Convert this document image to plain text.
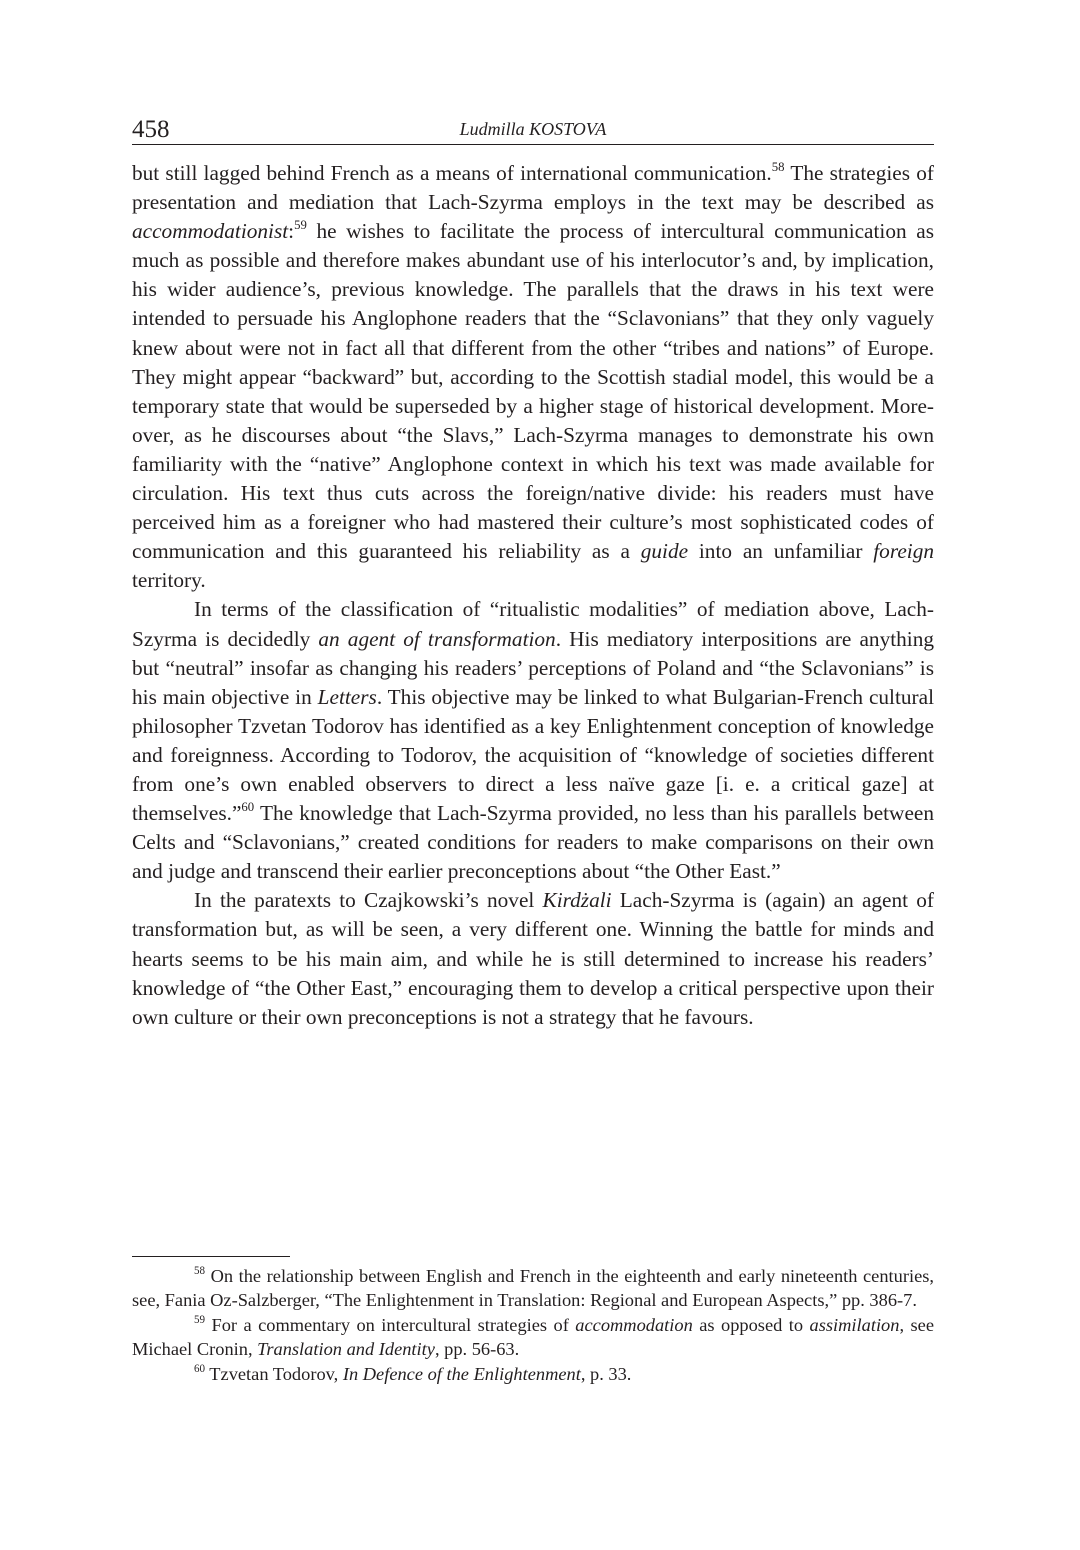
458	Ludmilla KOSTOVA

but still lagged behind French as a means of international communication.$^{58}$ The strategies of presentation and mediation that Lach-Szyrma employs in the text may be described as accommodationist:$^{59}$ he wishes to facilitate the process of intercultural communication as much as possible and therefore makes abundant use of his interlocutor’s and, by implication, his wider audience’s, previous knowledge. The parallels that the draws in his text were intended to persuade his Anglophone readers that the “Sclavonians” that they only vaguely knew about were not in fact all that different from the other “tribes and nations” of Europe. They might appear “backward” but, according to the Scottish stadial model, this would be a temporary state that would be superseded by a higher stage of historical development. Moreover, as he discourses about “the Slavs,” Lach-Szyrma manages to demonstrate his own familiarity with the “native” Anglophone context in which his text was made available for circulation. His text thus cuts across the foreign/native divide: his readers must have perceived him as a foreigner who had mastered their culture’s most sophisticated codes of communication and this guaranteed his reliability as a guide into an unfamiliar foreign territory.

In terms of the classification of “ritualistic modalities” of mediation above, Lach-Szyrma is decidedly an agent of transformation. His mediatory interpositions are anything but “neutral” insofar as changing his readers’ perceptions of Poland and “the Sclavonians” is his main objective in Letters. This objective may be linked to what Bulgarian-French cultural philosopher Tzvetan Todorov has identified as a key Enlightenment conception of knowledge and foreignness. According to Todorov, the acquisition of “knowledge of societies different from one’s own enabled observers to direct a less naïve gaze [i. e. a critical gaze] at themselves.”$^{60}$ The knowledge that Lach-Szyrma provided, no less than his parallels between Celts and “Sclavonians,” created conditions for readers to make comparisons on their own and judge and transcend their earlier preconceptions about “the Other East.”

In the paratexts to Czajkowski’s novel Kirdżali Lach-Szyrma is (again) an agent of transformation but, as will be seen, a very different one. Winning the battle for minds and hearts seems to be his main aim, and while he is still determined to increase his readers’ knowledge of “the Other East,” encouraging them to develop a critical perspective upon their own culture or their own preconceptions is not a strategy that he favours.

$^{58}$ On the relationship between English and French in the eighteenth and early nineteenth centuries, see, Fania Oz-Salzberger, “The Enlightenment in Translation: Regional and European Aspects,” pp. 386-7.

$^{59}$ For a commentary on intercultural strategies of accommodation as opposed to assimilation, see Michael Cronin, Translation and Identity, pp. 56-63.

$^{60}$ Tzvetan Todorov, In Defence of the Enlightenment, p. 33.
